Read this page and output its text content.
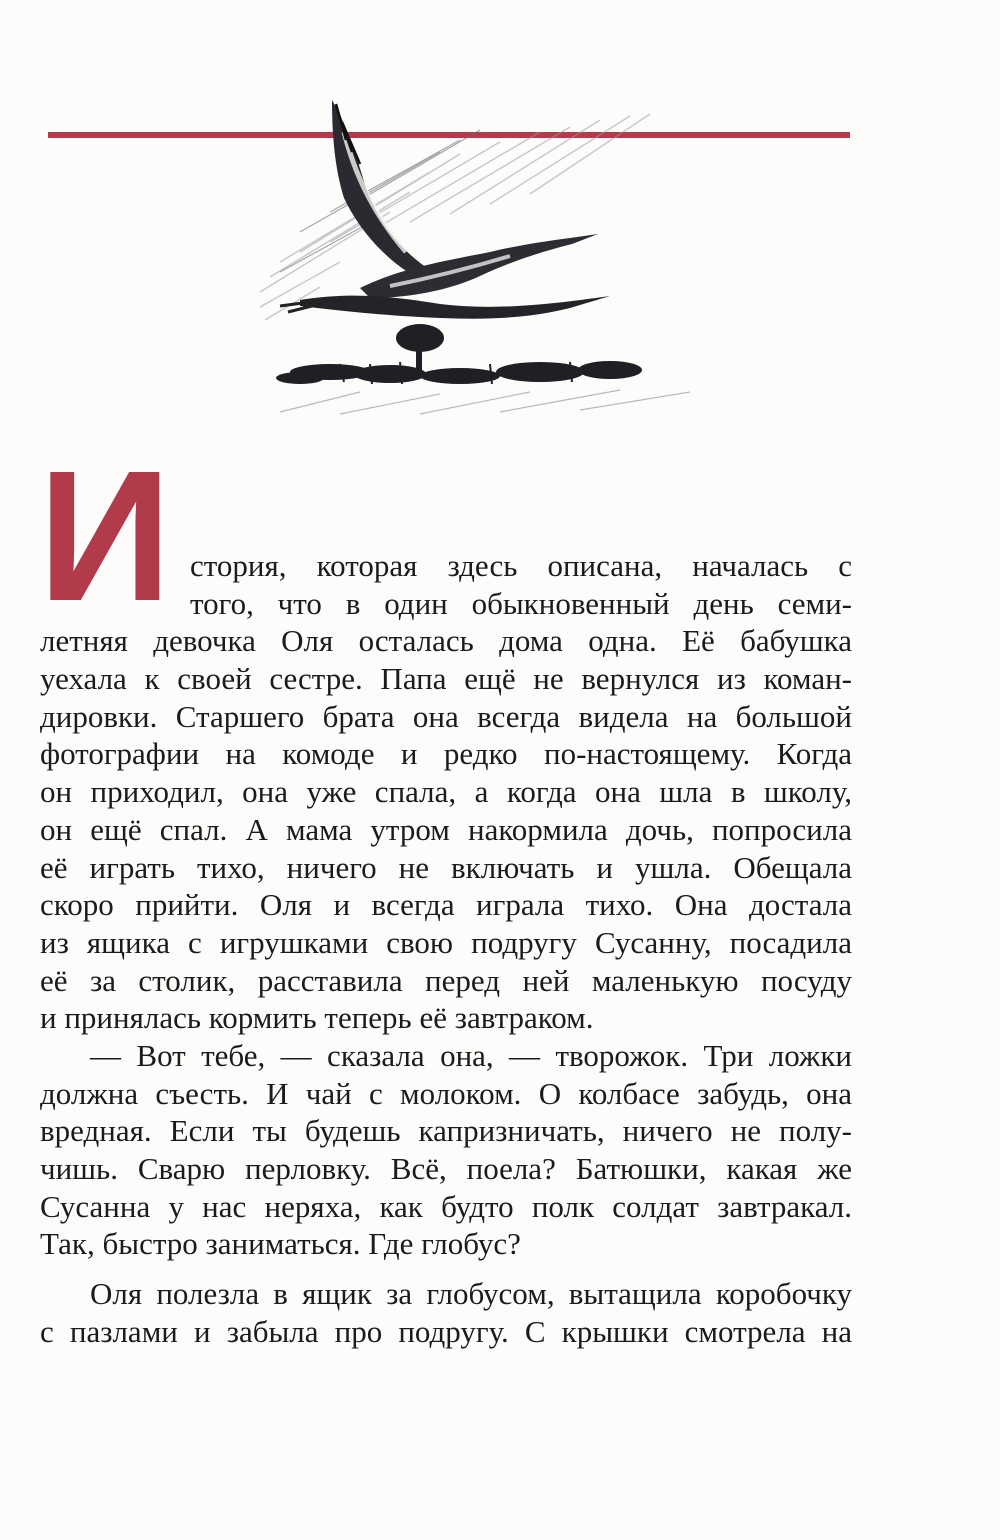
И стория, которая здесь описана, началась с
того, что в один обыкновенный день семи-
летняя девочка Оля осталась дома одна. Её бабушка
уехала к своей сестре. Папа ещё не вернулся из коман-
дировки. Старшего брата она всегда видела на большой
фотографии на комоде и редко по-настоящему. Когда
он приходил, она уже спала, а когда она шла в школу,
он ещё спал. А мама утром накормила дочь, попросила
её играть тихо, ничего не включать и ушла. Обещала
скоро прийти. Оля и всегда играла тихо. Она достала
из ящика с игрушками свою подругу Сусанну, посадила
её за столик, расставила перед ней маленькую посуду
и принялась кормить теперь её завтраком.
— Вот тебе, — сказала она, — творожок. Три ложки
должна съесть. И чай с молоком. О колбасе забудь, она
вредная. Если ты будешь капризничать, ничего не полу-
чишь. Сварю перловку. Всё, поела? Батюшки, какая же
Сусанна у нас неряха, как будто полк солдат завтракал.
Так, быстро заниматься. Где глобус?
Оля полезла в ящик за глобусом, вытащила коробочку
с пазлами и забыла про подругу. С крышки смотрела на
